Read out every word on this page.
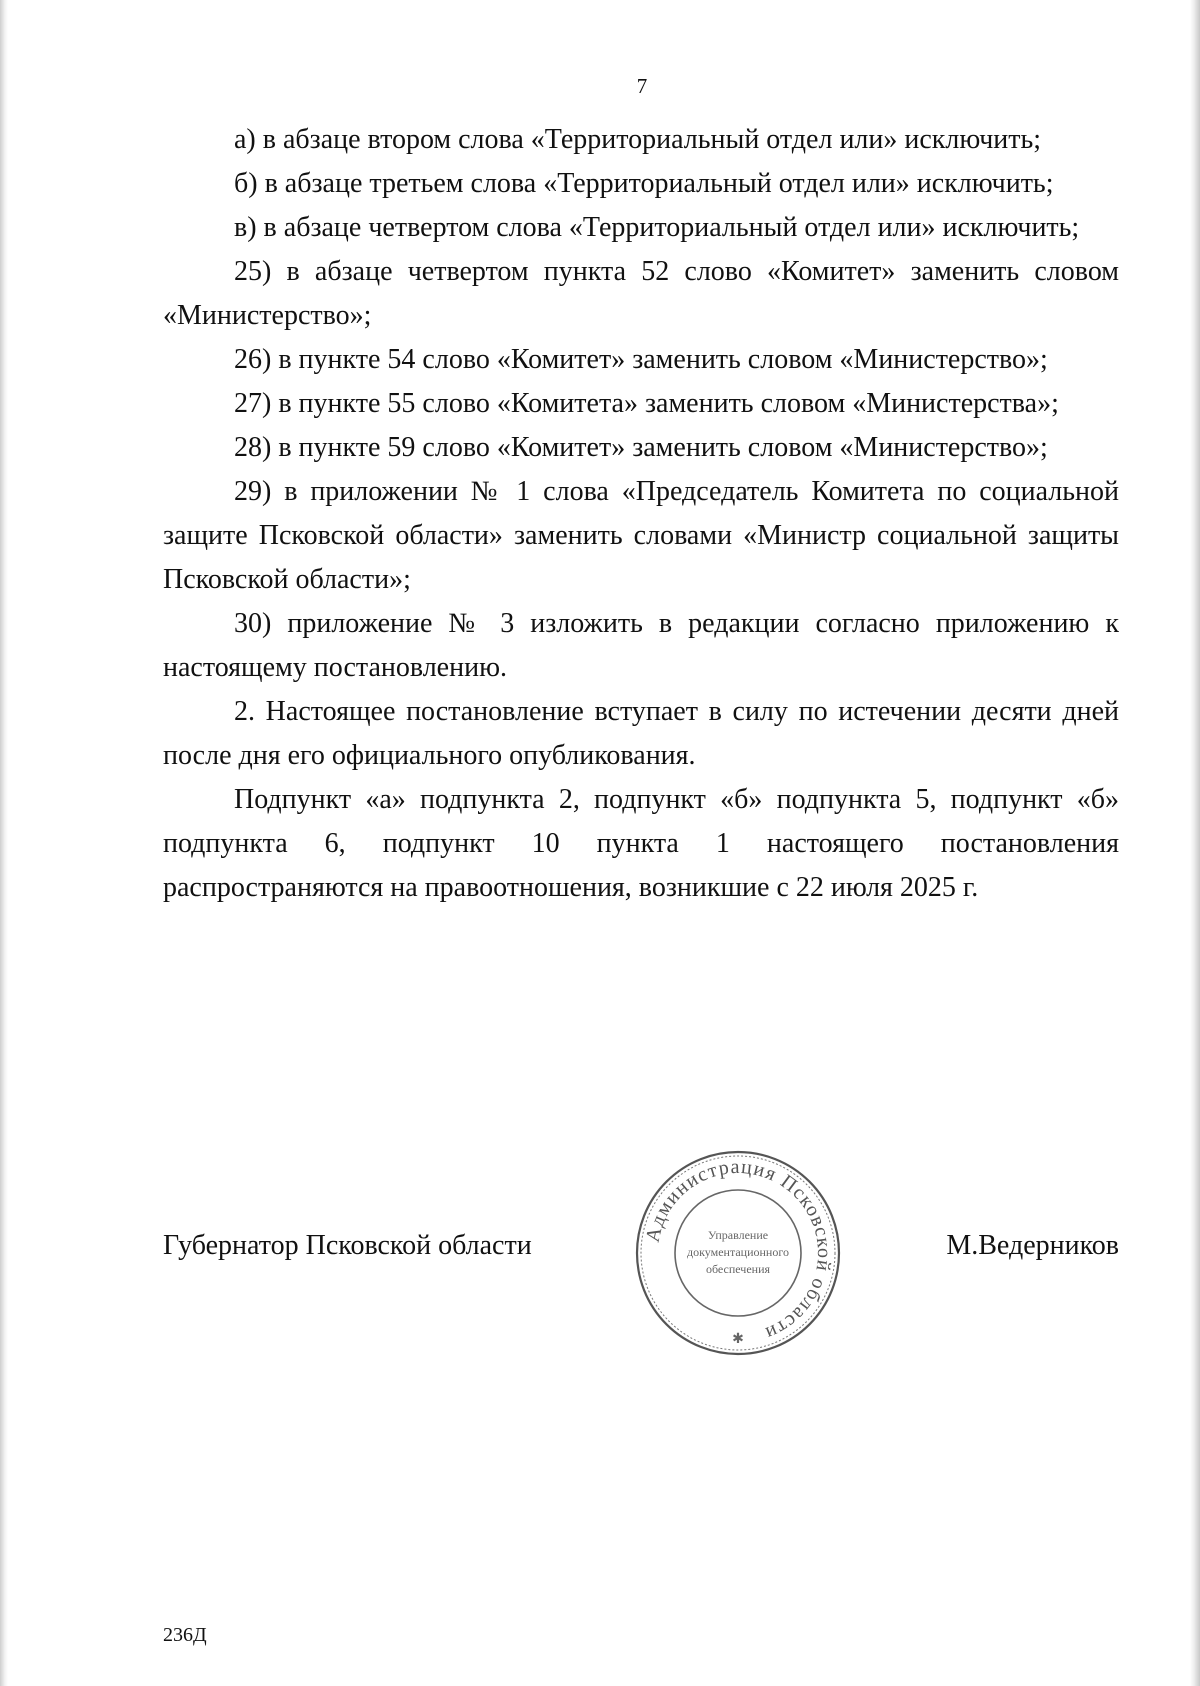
7

а) в абзаце втором слова «Территориальный отдел или» исключить;

б) в абзаце третьем слова «Территориальный отдел или» исключить;

в) в абзаце четвертом слова «Территориальный отдел или» исключить;

25) в абзаце четвертом пункта 52 слово «Комитет» заменить словом «Министерство»;

26) в пункте 54 слово «Комитет» заменить словом «Министерство»;

27) в пункте 55 слово «Комитета» заменить словом «Министерства»;

28) в пункте 59 слово «Комитет» заменить словом «Министерство»;

29) в приложении № 1 слова «Председатель Комитета по социальной защите Псковской области» заменить словами «Министр социальной защиты Псковской области»;

30) приложение № 3 изложить в редакции согласно приложению к настоящему постановлению.

2. Настоящее постановление вступает в силу по истечении десяти дней после дня его официального опубликования.

Подпункт «а» подпункта 2, подпункт «б» подпункта 5, подпункт «б» подпункта 6, подпункт 10 пункта 1 настоящего постановления распространяются на правоотношения, возникшие с 22 июля 2025 г.

Губернатор Псковской области	М.Ведерников
Администрация Псковской области
Управление
документационного
обеспечения
✱
236Д
